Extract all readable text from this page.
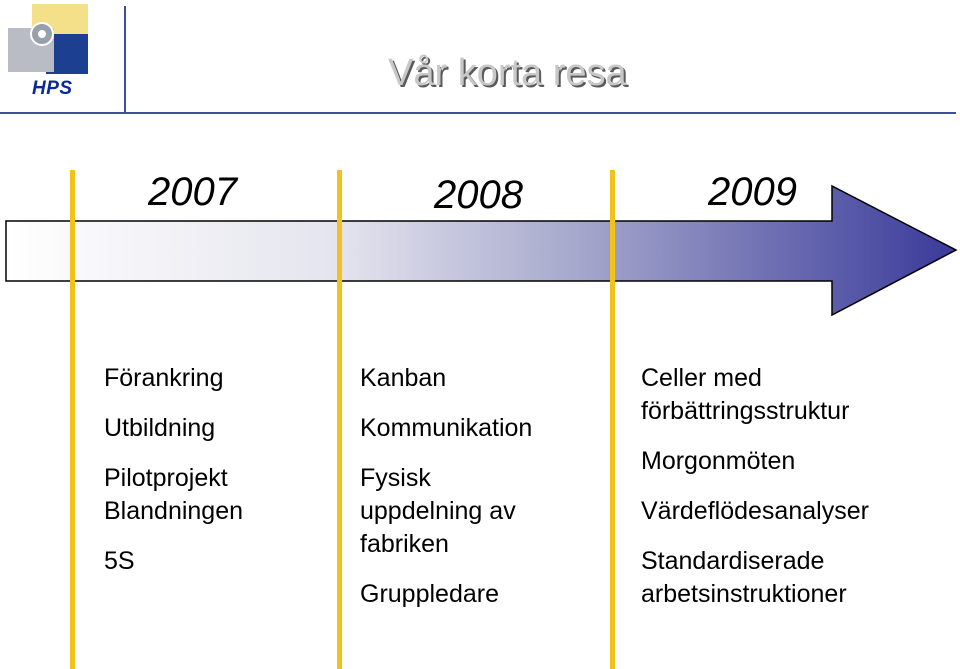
HPS	Vår korta resa
2007	2008	2009
Förankring
Utbildning
Pilotprojekt
Blandningen
5S
Kanban
Kommunikation
Fysisk
uppdelning av
fabriken
Gruppledare
Celler med
förbättringsstruktur
Morgonmöten
Värdeflödesanalyser
Standardiserade
arbetsinstruktioner
